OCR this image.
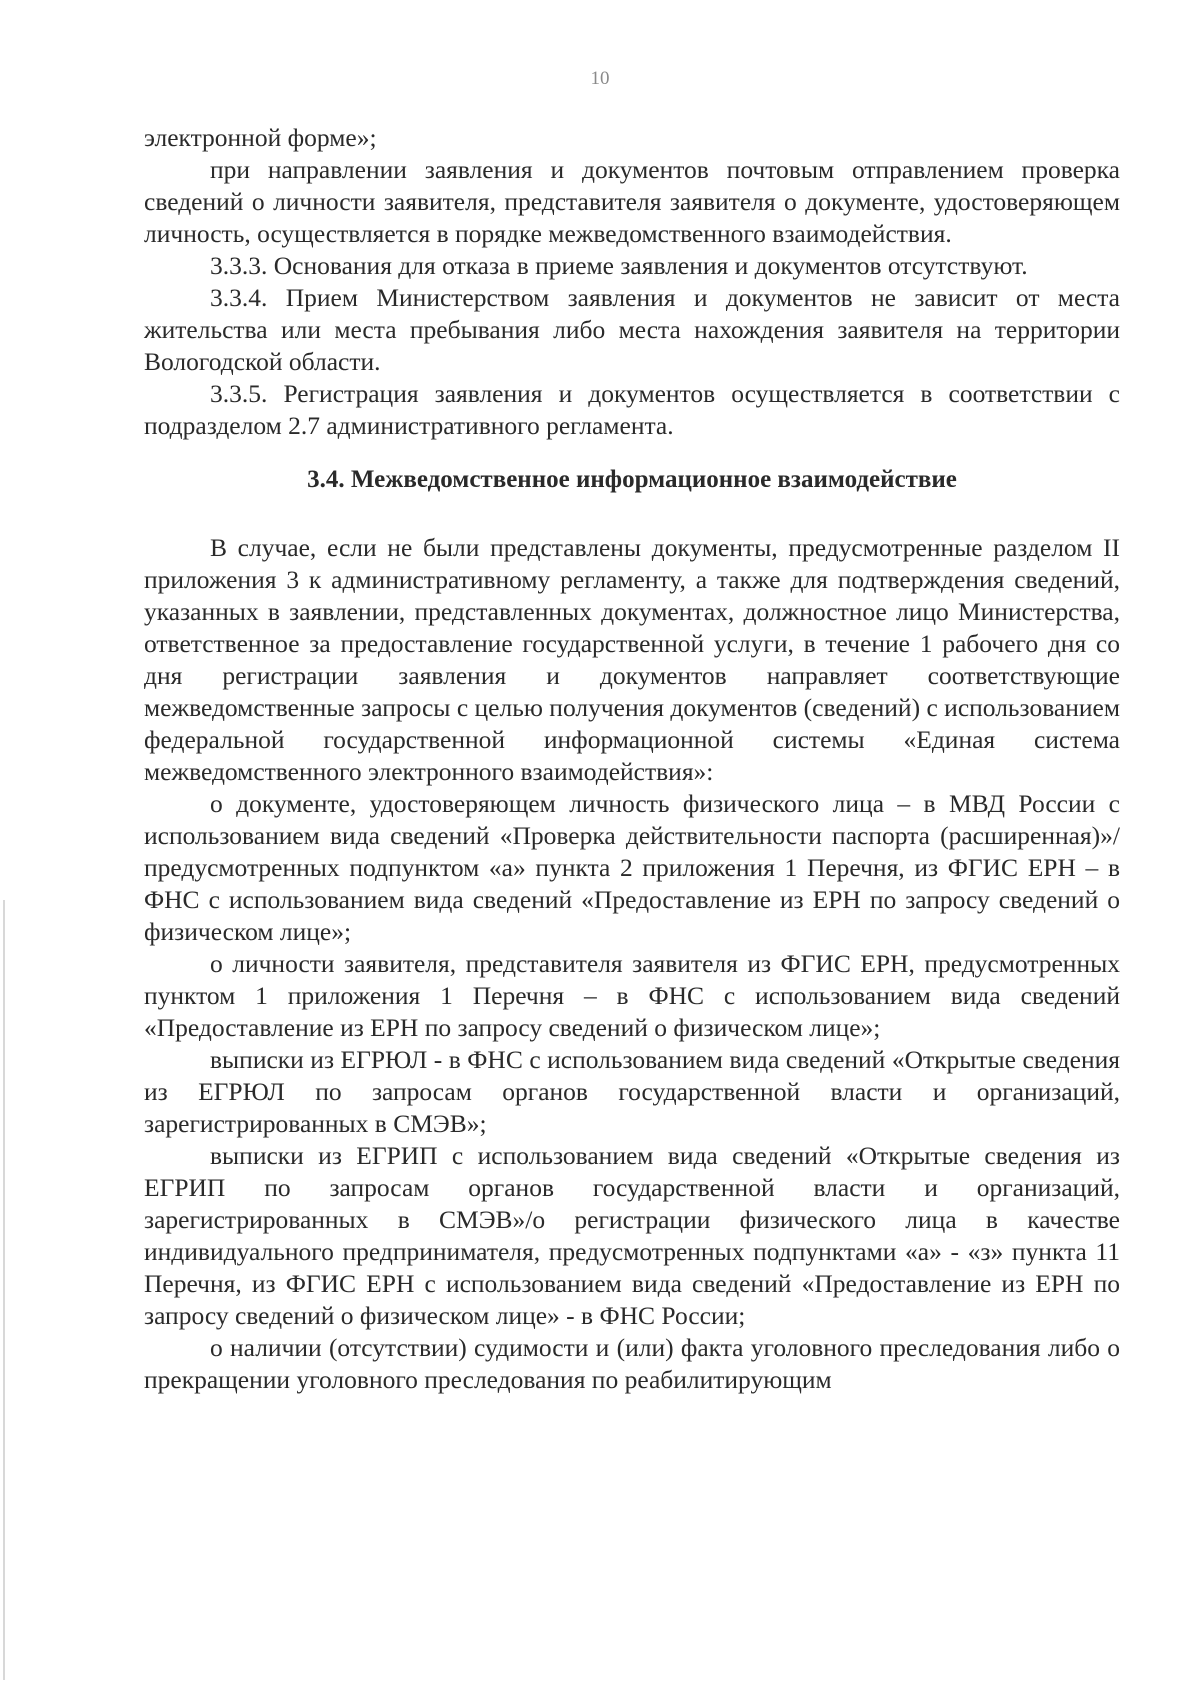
10

электронной форме»;

при направлении заявления и документов почтовым отправлением проверка сведений о личности заявителя, представителя заявителя о документе, удостоверяющем личность, осуществляется в порядке межведомственного взаимодействия.

3.3.3. Основания для отказа в приеме заявления и документов отсутствуют.

3.3.4. Прием Министерством заявления и документов не зависит от места жительства или места пребывания либо места нахождения заявителя на территории Вологодской области.

3.3.5. Регистрация заявления и документов осуществляется в соответствии с подразделом 2.7 административного регламента.

3.4. Межведомственное информационное взаимодействие

В случае, если не были представлены документы, предусмотренные разделом II приложения 3 к административному регламенту, а также для подтверждения сведений, указанных в заявлении, представленных документах, должностное лицо Министерства, ответственное за предоставление государственной услуги, в течение 1 рабочего дня со дня регистрации заявления и документов направляет соответствующие межведомственные запросы с целью получения документов (сведений) с использованием федеральной государственной информационной системы «Единая система межведомственного электронного взаимодействия»:

о документе, удостоверяющем личность физического лица – в МВД России с использованием вида сведений «Проверка действительности паспорта (расширенная)»/предусмотренных подпунктом «а» пункта 2 приложения 1 Перечня, из ФГИС ЕРН – в ФНС с использованием вида сведений «Предоставление из ЕРН по запросу сведений о физическом лице»;

о личности заявителя, представителя заявителя из ФГИС ЕРН, предусмотренных пунктом 1 приложения 1 Перечня – в ФНС с использованием вида сведений «Предоставление из ЕРН по запросу сведений о физическом лице»;

выписки из ЕГРЮЛ - в ФНС с использованием вида сведений «Открытые сведения из ЕГРЮЛ по запросам органов государственной власти и организаций, зарегистрированных в СМЭВ»;

выписки из ЕГРИП с использованием вида сведений «Открытые сведения из ЕГРИП по запросам органов государственной власти и организаций, зарегистрированных в СМЭВ»/о регистрации физического лица в качестве индивидуального предпринимателя, предусмотренных подпунктами «а» - «з» пункта 11 Перечня, из ФГИС ЕРН с использованием вида сведений «Предоставление из ЕРН по запросу сведений о физическом лице» - в ФНС России;

о наличии (отсутствии) судимости и (или) факта уголовного преследования либо о прекращении уголовного преследования по реабилитирующим
